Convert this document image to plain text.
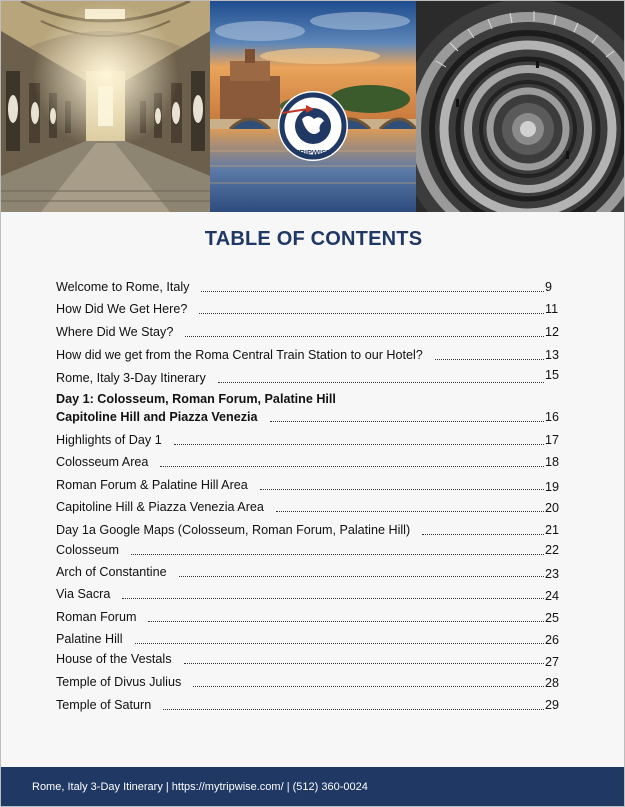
TRIPWISE
TABLE OF CONTENTS
Welcome to Rome, Italy	9
How Did We Get Here?	11
Where Did We Stay?	12
How did we get from the Roma Central Train Station to our Hotel?	13
Rome, Italy 3-Day Itinerary	15
Day 1: Colosseum, Roman Forum, Palatine Hill
Capitoline Hill and Piazza Venezia	16
Highlights of Day 1	17
Colosseum Area	18
Roman Forum & Palatine Hill Area	19
Capitoline Hill & Piazza Venezia Area	20
Day 1a Google Maps (Colosseum, Roman Forum, Palatine Hill)	21
Colosseum	22
Arch of Constantine	23
Via Sacra	24
Roman Forum	25
Palatine Hill	26
House of the Vestals	27
Temple of Divus Julius	28
Temple of Saturn	29
Rome, Italy 3-Day Itinerary | https://mytripwise.com/ | (512) 360-0024
